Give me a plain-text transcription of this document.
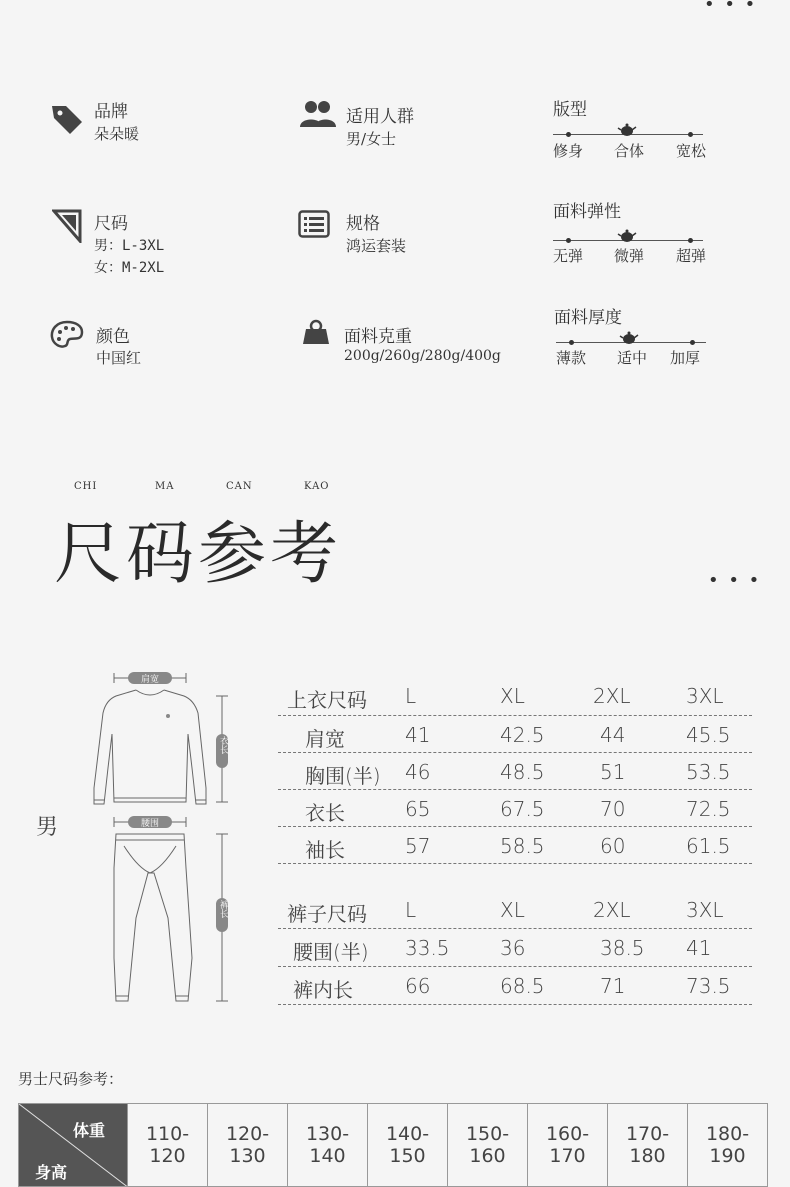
• • •
品牌
朵朵暖
适用人群
男/女士
尺码
男：L-3XL
女：M-2XL
规格
鸿运套装
颜色
中国红
面料克重
200g/260g/280g/400g
版型
修身 合体 宽松
面料弹性
无弹 微弹 超弹
面料厚度
薄款 适中 加厚
CHI	MA	CAN	KAO
尺码参考	• • •
男
肩宽
腰围
衣长
裤长
上衣尺码 L	XL	2XL	3XL
肩宽	41	42.5	44	45.5
胸围(半) 46	48.5	51	53.5
衣长	65	67.5	70	72.5
袖长	57	58.5	60	61.5
裤子尺码 L	XL	2XL	3XL
腰围(半) 33.5	36	38.5 41
裤内长	66	68.5	71	73.5
男士尺码参考：
体重
身高
	110-120	120-130	130-140	140-150	150-160	160-170	170-180	180-190
